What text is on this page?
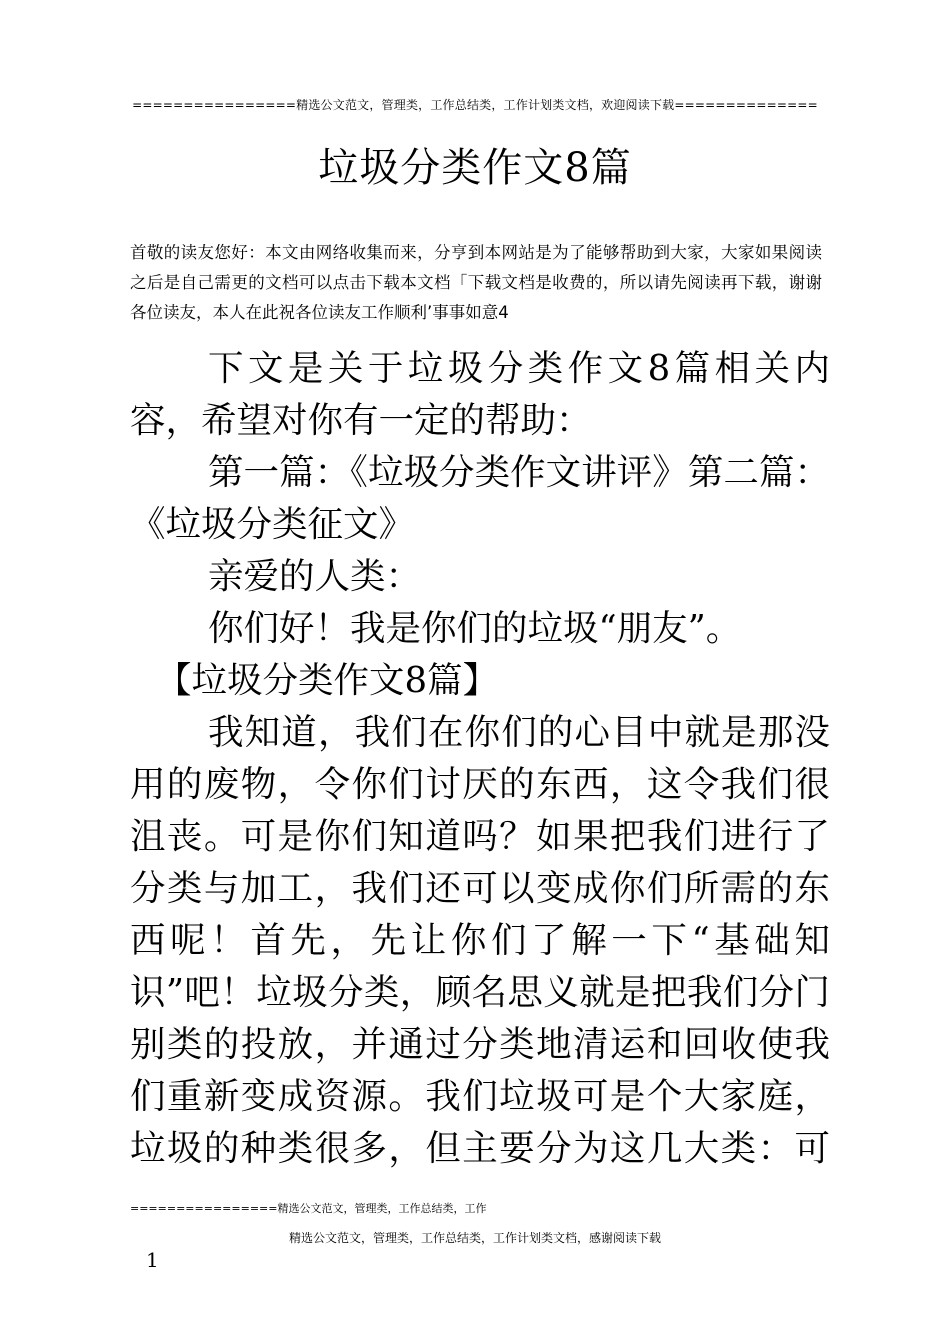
================精选公文范文，管理类，工作总结类，工作计划类文档，欢迎阅读下载==============
垃圾分类作文8篇

首敬的读友您好：本文由网络收集而来，分亨到本网站是为了能够帮助到大家，大家如果阅读之后是自己需更的文档可以点击下载本文档「下载文档是收费的，所以请先阅读再下载，谢谢各位读友，本人在此祝各位读友工作顺利’事事如意4

下文是关于垃圾分类作文8篇相关内容，希望对你有一定的帮助：

第一篇：《垃圾分类作文讲评》第二篇：《垃圾分类征文》

亲爱的人类：

你们好！我是你们的垃圾“朋友”。

【垃圾分类作文8篇】

我知道，我们在你们的心目中就是那没用的废物，令你们讨厌的东西，这令我们很沮丧。可是你们知道吗？如果把我们进行了分类与加工，我们还可以变成你们所需的东西呢！首先，先让你们了解一下“基础知识”吧！垃圾分类，顾名思义就是把我们分门别类的投放，并通过分类地清运和回收使我们重新变成资源。我们垃圾可是个大家庭，垃圾的种类很多，但主要分为这几大类：可================精选公文范文，管理类，工作总结类，工作

精选公文范文，管理类，工作总结类，工作计划类文档，感谢阅读下载
1
